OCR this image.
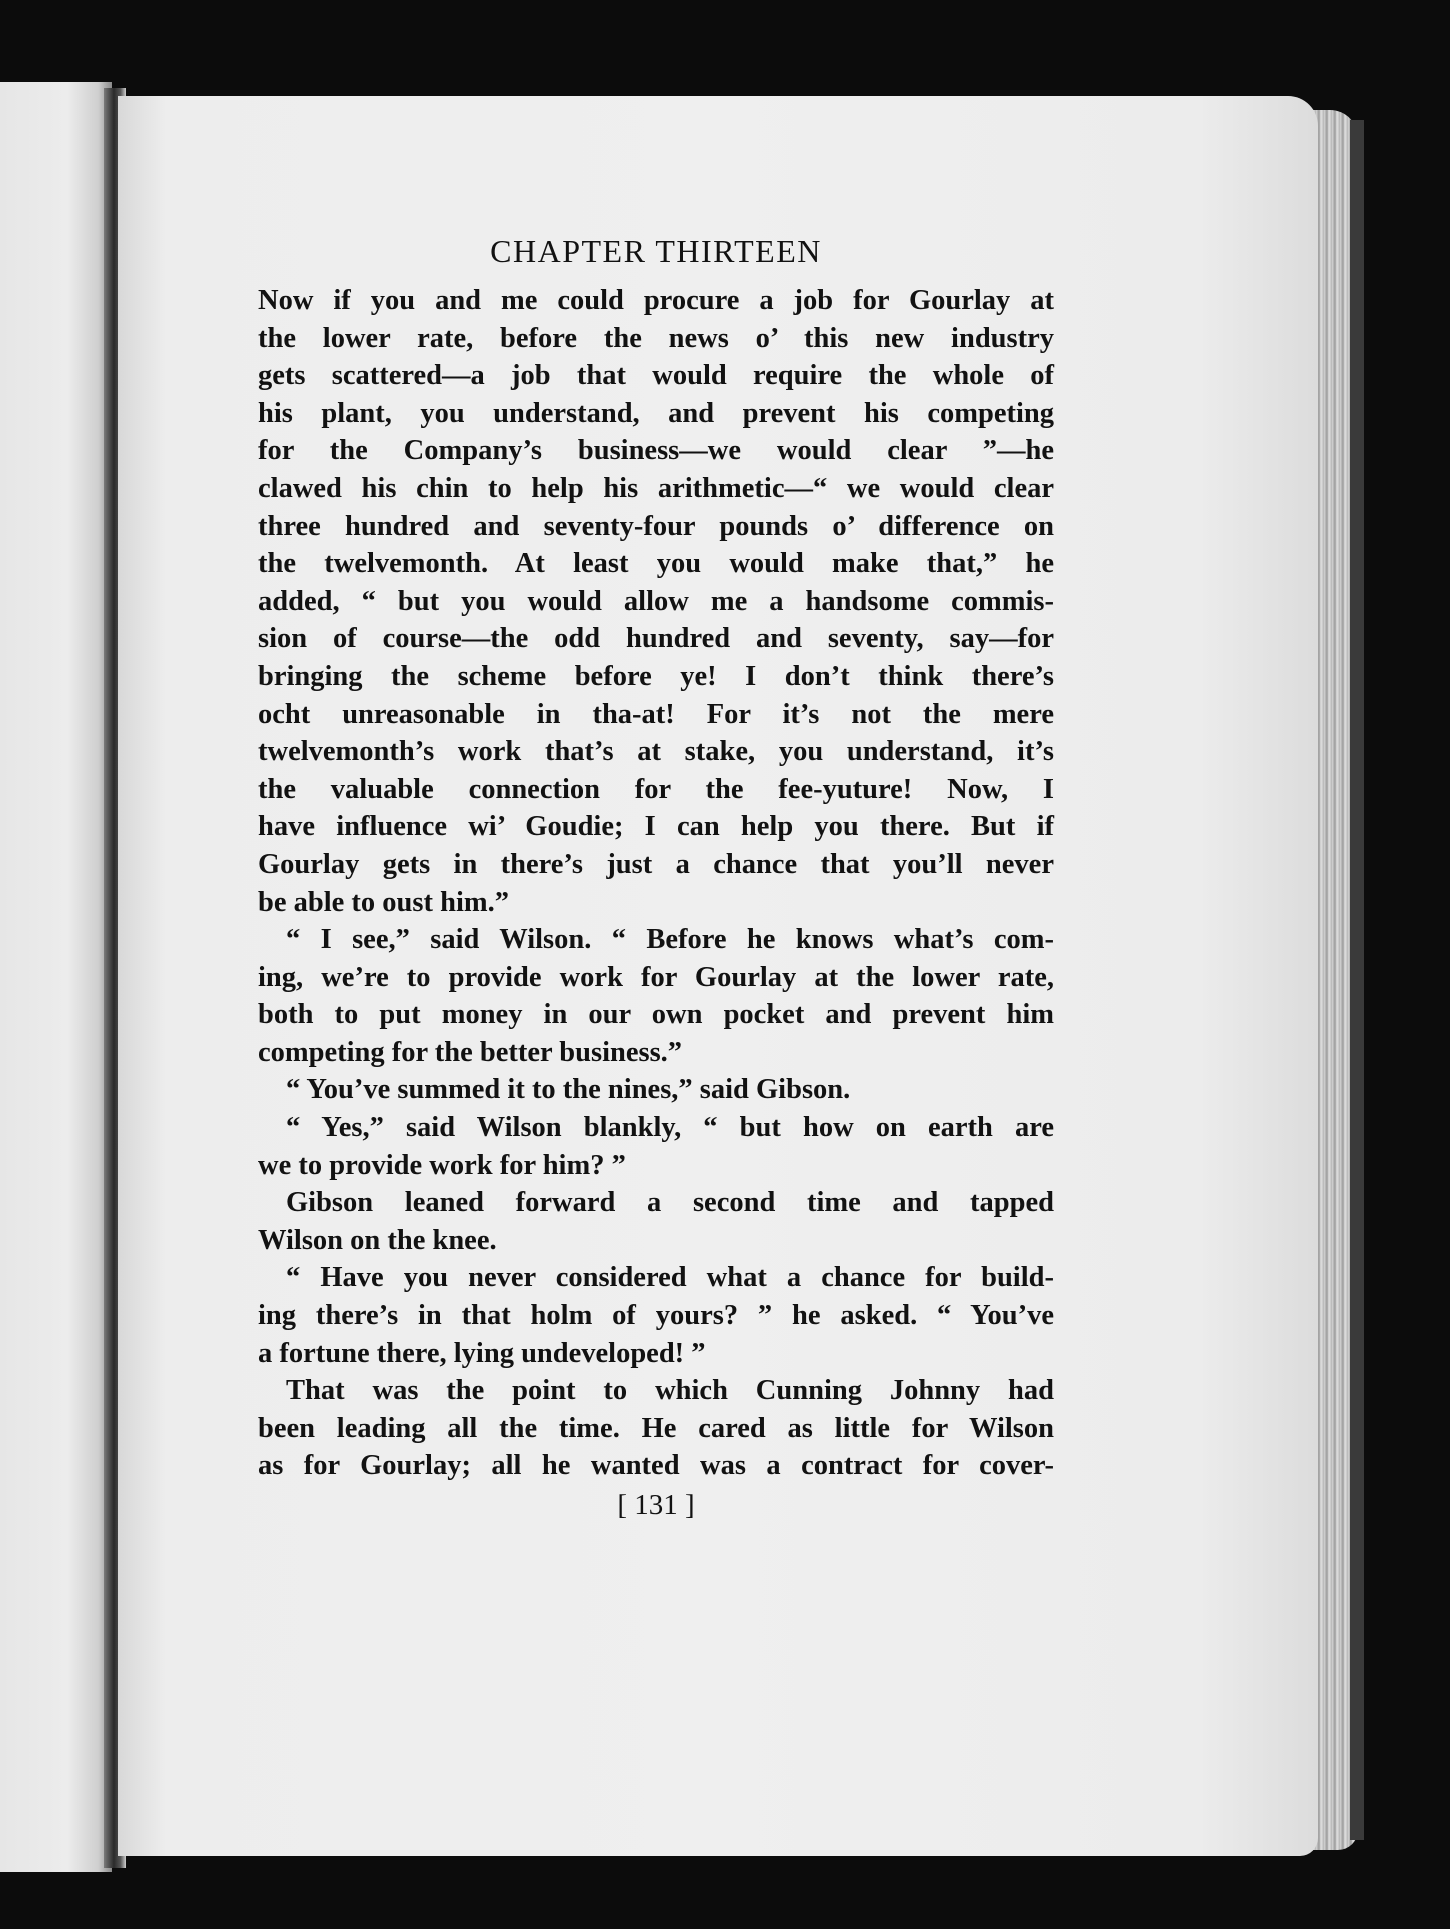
CHAPTER THIRTEEN
Now if you and me could procure a job for Gourlay at
the lower rate, before the news o’ this new industry
gets scattered—a job that would require the whole of
his plant, you understand, and prevent his competing
for the Company’s business—we would clear ”—he
clawed his chin to help his arithmetic—“ we would clear
three hundred and seventy-four pounds o’ difference on
the twelvemonth. At least you would make that,” he
added, “ but you would allow me a handsome commis-
sion of course—the odd hundred and seventy, say—for
bringing the scheme before ye! I don’t think there’s
ocht unreasonable in tha-at! For it’s not the mere
twelvemonth’s work that’s at stake, you understand, it’s
the valuable connection for the fee-yuture! Now, I
have influence wi’ Goudie; I can help you there. But if
Gourlay gets in there’s just a chance that you’ll never
be able to oust him.”
“ I see,” said Wilson. “ Before he knows what’s com-
ing, we’re to provide work for Gourlay at the lower rate,
both to put money in our own pocket and prevent him
competing for the better business.”
“ You’ve summed it to the nines,” said Gibson.
“ Yes,” said Wilson blankly, “ but how on earth are
we to provide work for him? ”
Gibson leaned forward a second time and tapped
Wilson on the knee.
“ Have you never considered what a chance for build-
ing there’s in that holm of yours? ” he asked. “ You’ve
a fortune there, lying undeveloped! ”
That was the point to which Cunning Johnny had
been leading all the time. He cared as little for Wilson
as for Gourlay; all he wanted was a contract for cover-
[ 131 ]
